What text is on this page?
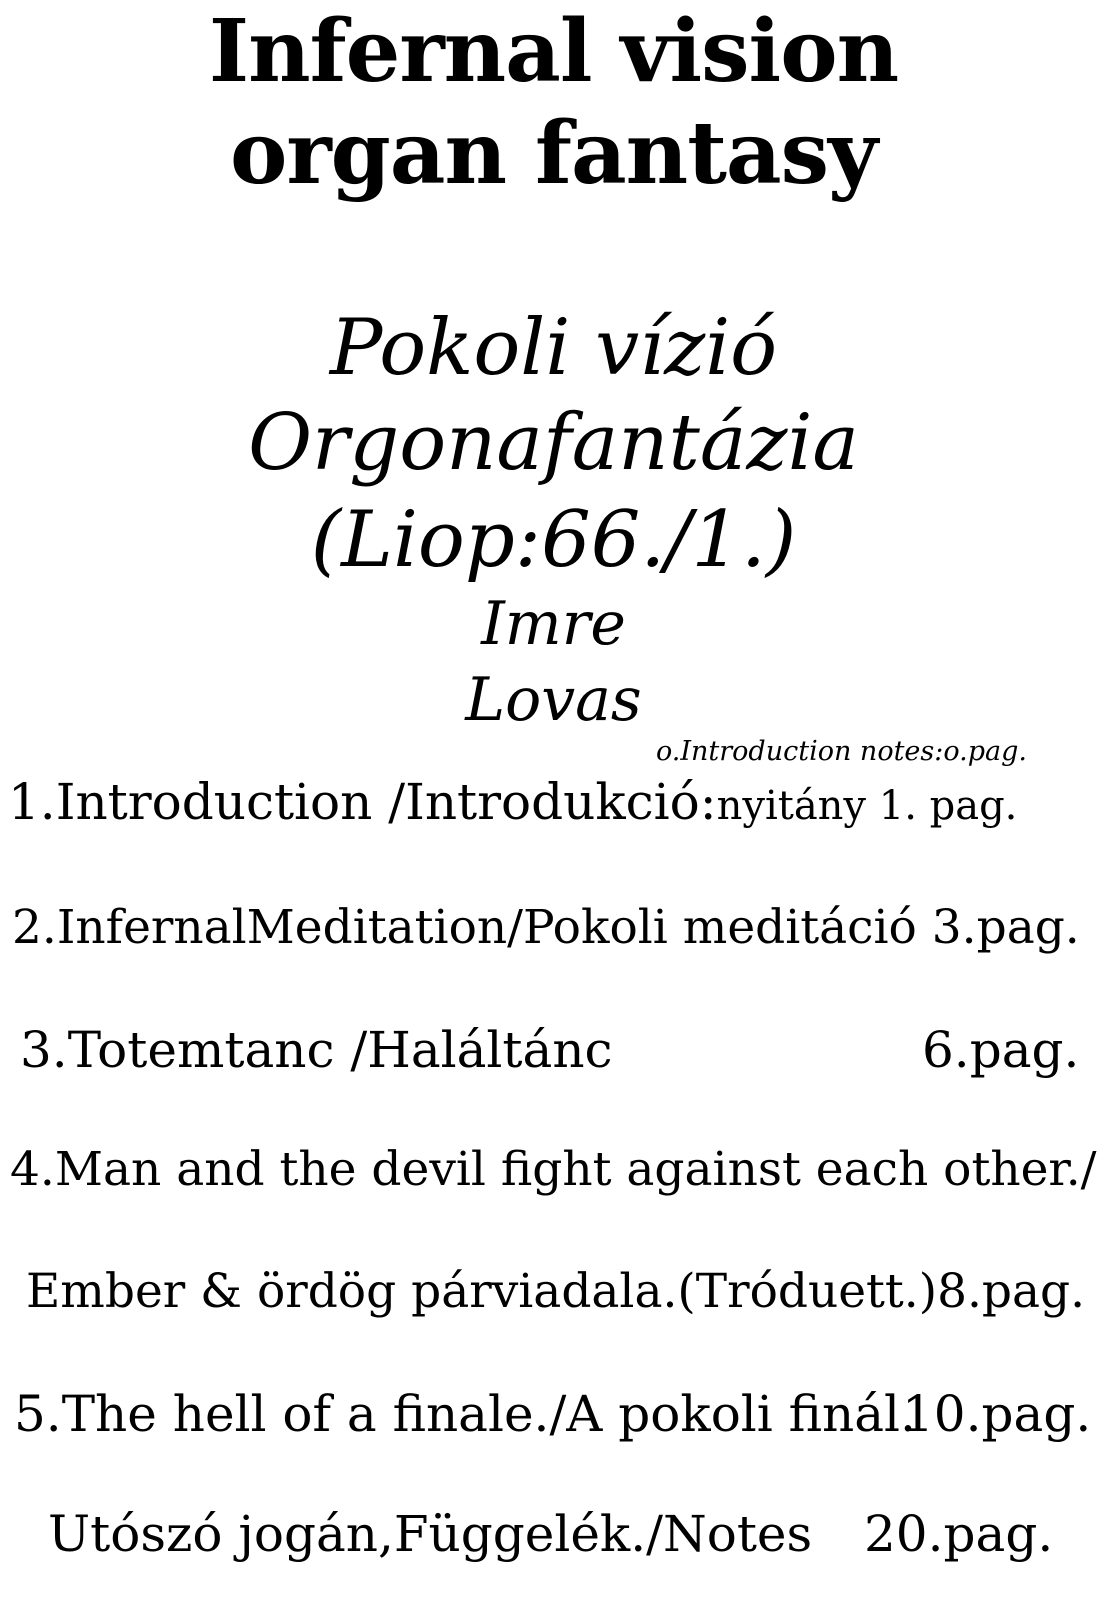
Infernal vision
organ fantasy
Pokoli vízió
Orgonafantázia
(Liop:66./1.)
Imre
Lovas
o.Introduction notes:o.pag.
1.Introduction /Introdukció:nyitány 1. pag.
2.InfernalMeditation/Pokoli meditáció 3.pag.
3.Totemtanc /Haláltánc	6.pag.
4.Man and the devil fight against each other./
Ember & ördög párviadala.(Tróduett.)8.pag.
5.The hell of a finale./A pokoli finál.
10.pag.
Utószó jogán,Függelék./Notes 20.pag.
